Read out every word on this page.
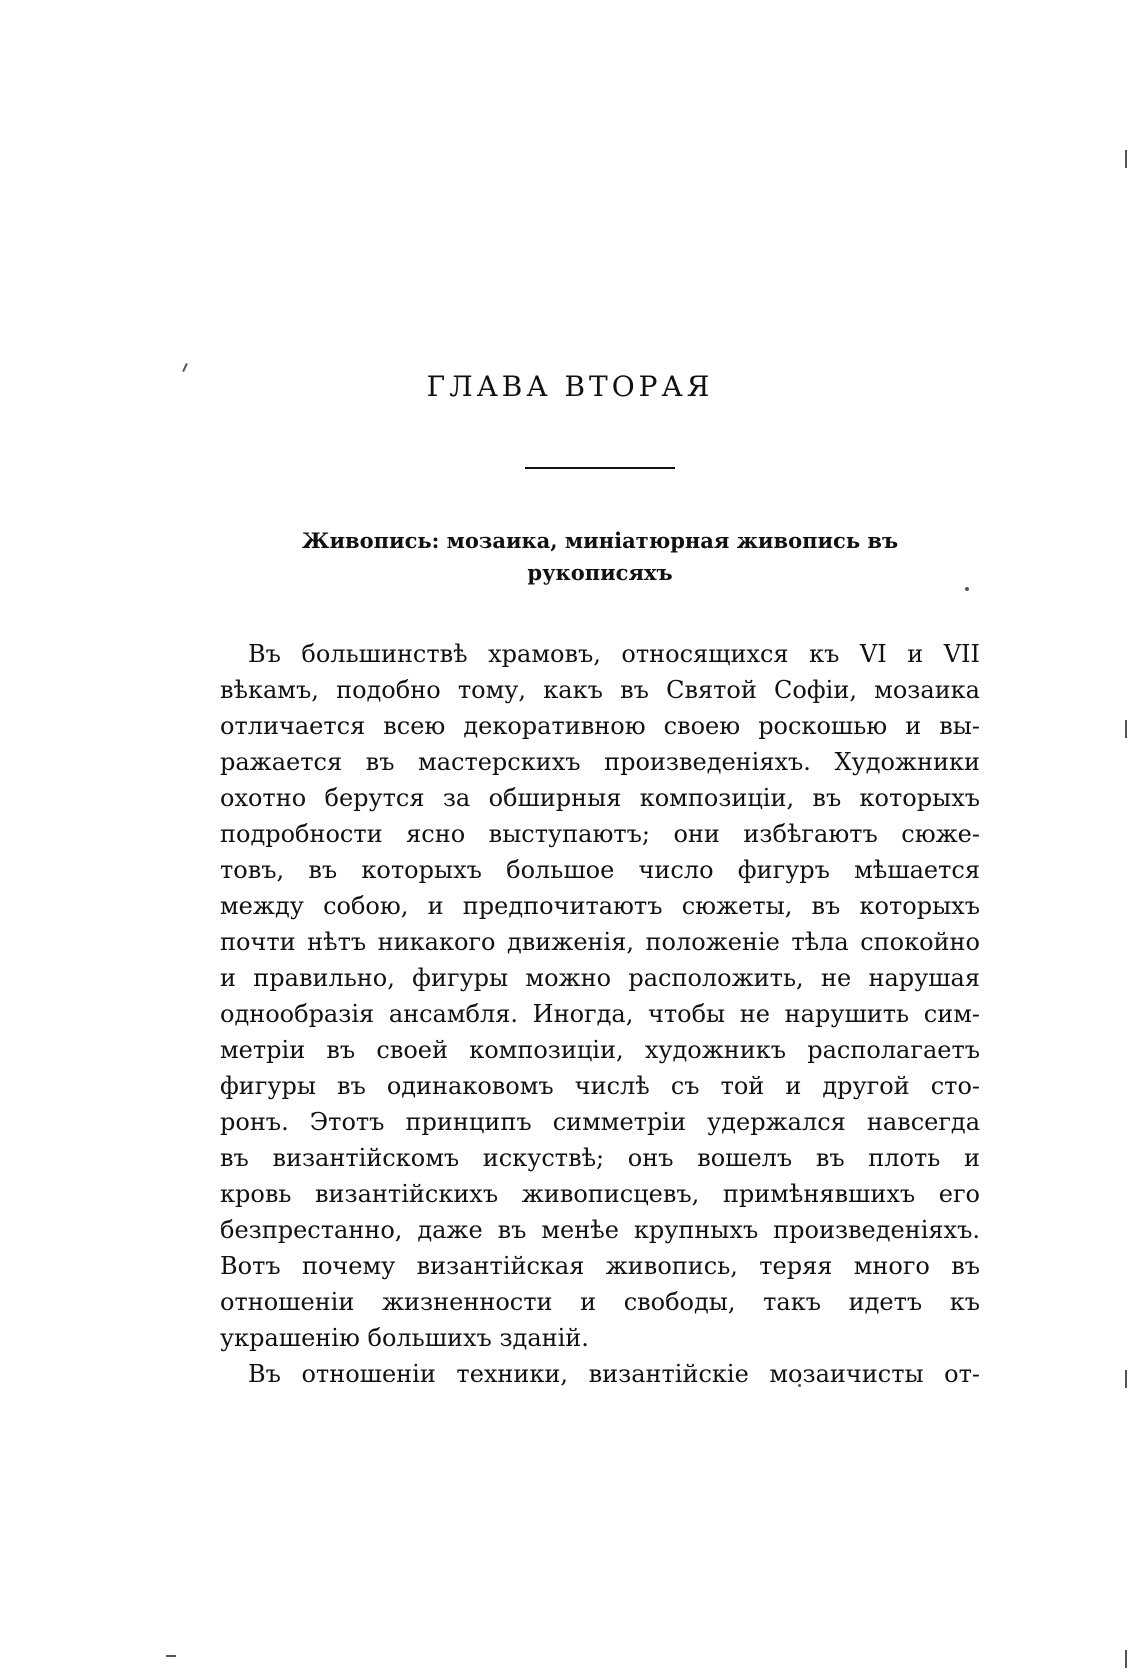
ГЛАВА ВТОРАЯ
Живопись: мозаика, миніатюрная живопись въ
рукописяхъ
Въ большинствѣ храмовъ, относящихся къ VI и VII
вѣкамъ, подобно тому, какъ въ Святой Софіи, мозаика
отличается всею декоративною своею роскошью и вы-
ражается въ мастерскихъ произведеніяхъ. Художники
охотно берутся за обширныя композиціи, въ которыхъ
подробности ясно выступаютъ; они избѣгаютъ сюже-
товъ, въ которыхъ большое число фигуръ мѣшается
между собою, и предпочитаютъ сюжеты, въ которыхъ
почти нѣтъ никакого движенія, положеніе тѣла спокойно
и правильно, фигуры можно расположить, не нарушая
однообразія ансамбля. Иногда, чтобы не нарушить сим-
метріи въ своей композиціи, художникъ располагаетъ
фигуры въ одинаковомъ числѣ съ той и другой сто-
ронъ. Этотъ принципъ симметріи удержался навсегда
въ византійскомъ искуствѣ; онъ вошелъ въ плоть и
кровь византійскихъ живописцевъ, примѣнявшихъ его
безпрестанно, даже въ менѣе крупныхъ произведеніяхъ.
Вотъ почему византійская живопись, теряя много въ
отношеніи жизненности и свободы, такъ идетъ къ
украшенію большихъ зданій.
Въ отношеніи техники, византійскіе мозаичисты от-
